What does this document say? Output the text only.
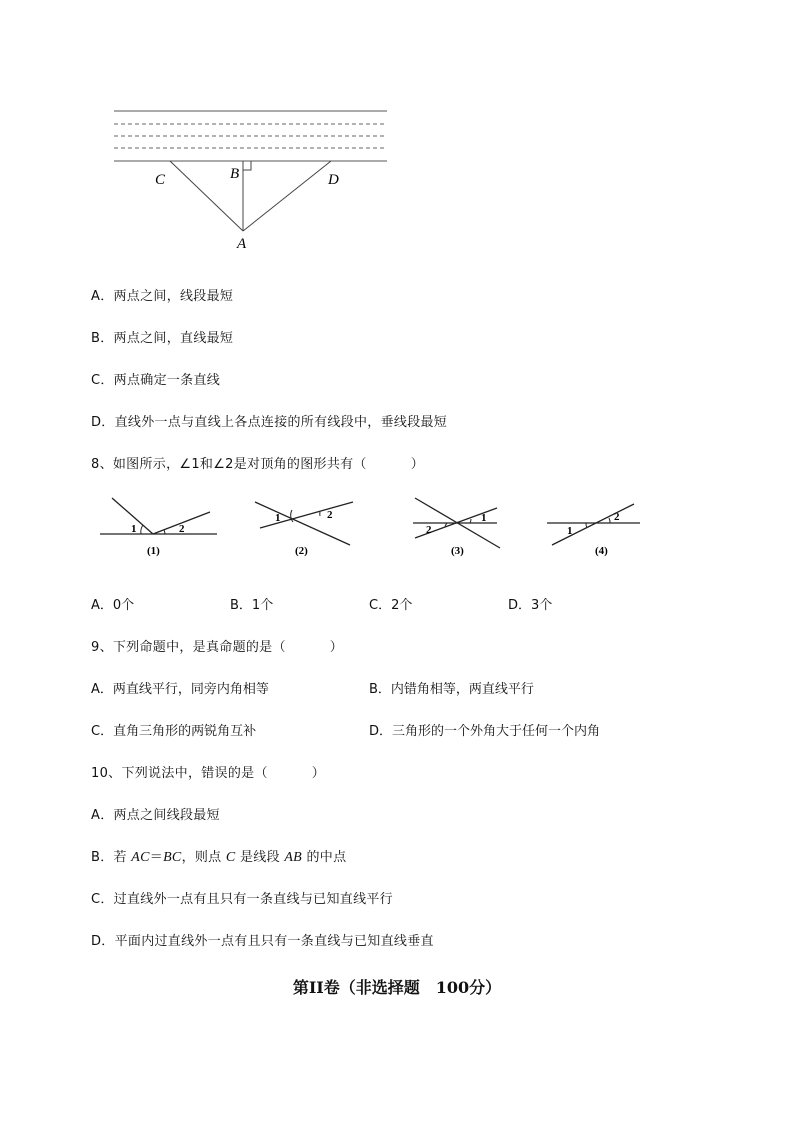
C	B	D
A
A．两点之间，线段最短
B．两点之间，直线最短
C．两点确定一条直线
D．直线外一点与直线上各点连接的所有线段中，垂线段最短
8、如图所示，∠1和∠2是对顶角的图形共有（	）
1	2
(1)
1	2
(2)
2
1
(3)
1
2
(4)
A．0个	B．1个	C．2个	D．3个
9、下列命题中，是真命题的是（	）
A．两直线平行，同旁内角相等	B．内错角相等，两直线平行
C．直角三角形的两锐角互补	D．三角形的一个外角大于任何一个内角
10、下列说法中，错误的是（	）
A．两点之间线段最短
B．若 AC＝BC，则点 C 是线段 AB 的中点
C．过直线外一点有且只有一条直线与已知直线平行
D．平面内过直线外一点有且只有一条直线与已知直线垂直
第II卷（非选择题　100分）
